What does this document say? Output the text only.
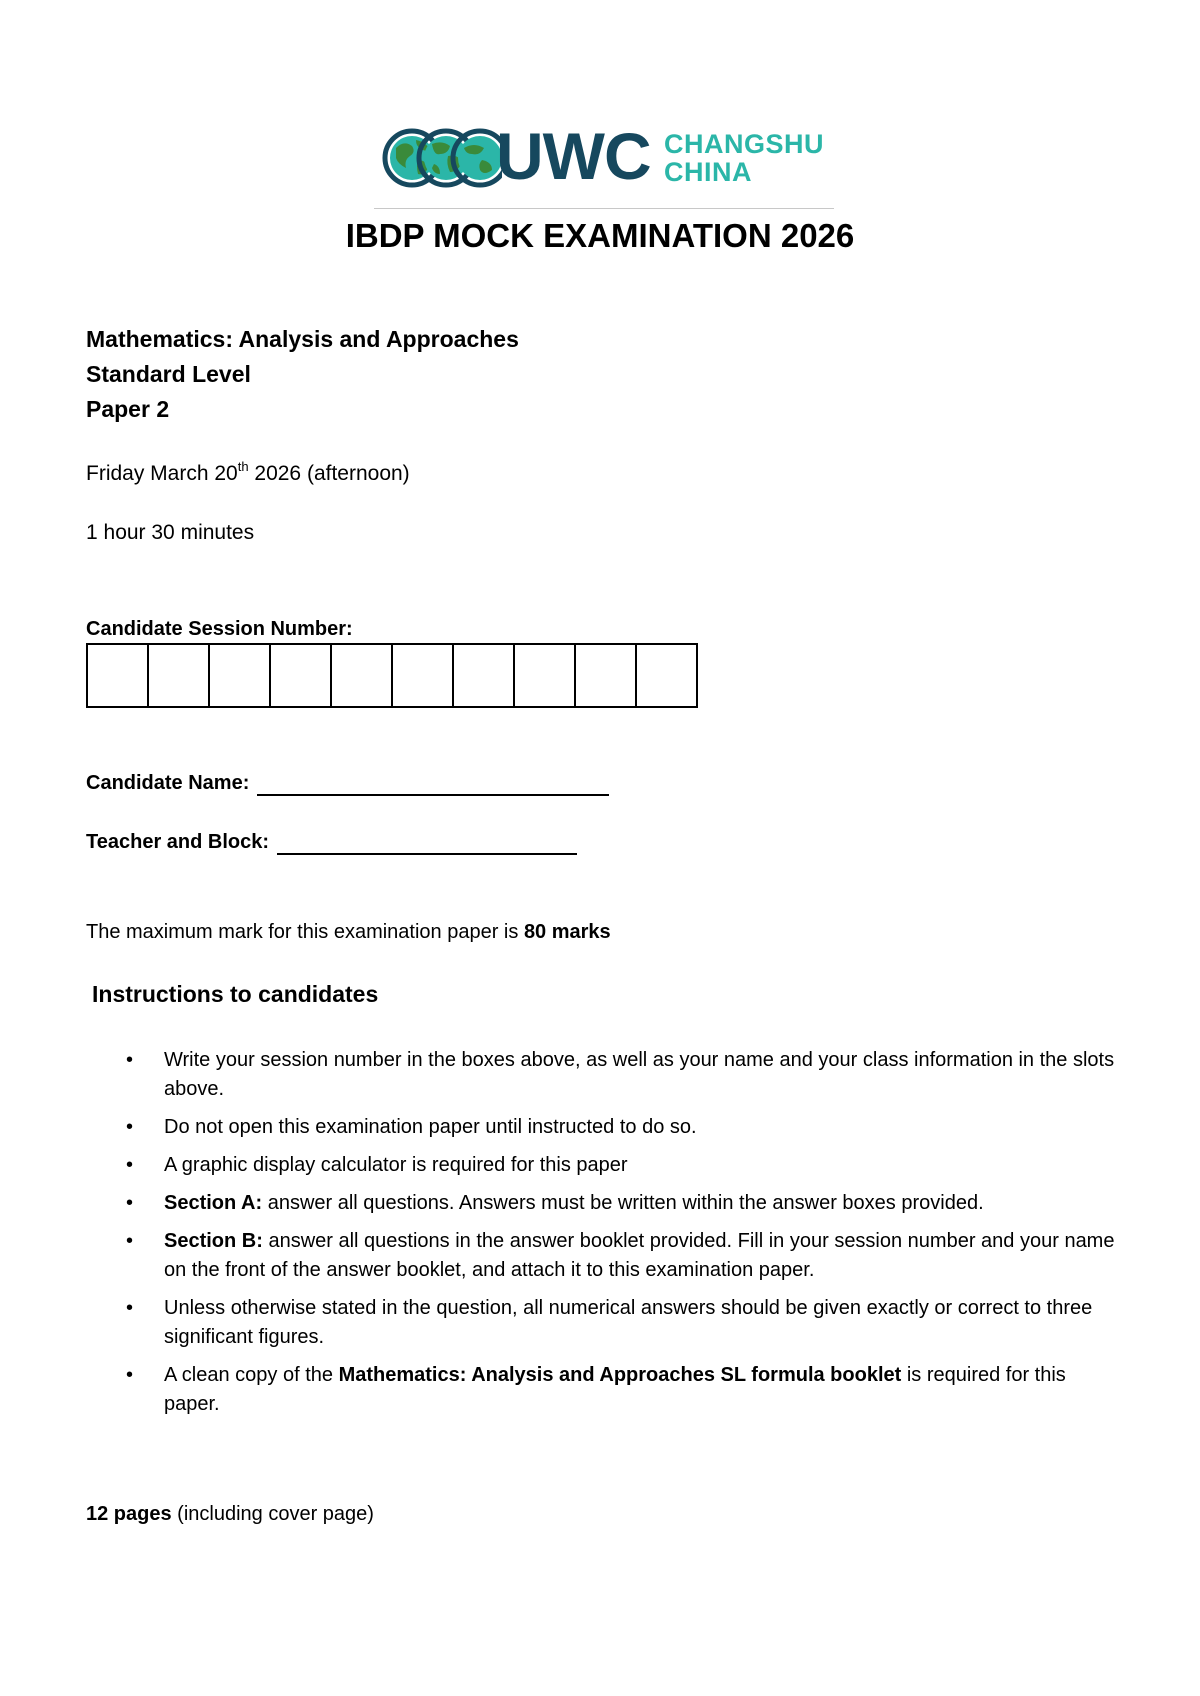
UWC CHANGSHU
CHINA
IBDP MOCK EXAMINATION 2026
Mathematics: Analysis and Approaches
Standard Level
Paper 2
Friday March 20th 2026 (afternoon)
1 hour 30 minutes
Candidate Session Number:
Candidate Name:
Teacher and Block:
The maximum mark for this examination paper is 80 marks
Instructions to candidates
•	Write your session number in the boxes above, as well as your name and your class information in the slots above.
•	Do not open this examination paper until instructed to do so.
•	A graphic display calculator is required for this paper
•	Section A: answer all questions. Answers must be written within the answer boxes provided.
•	Section B: answer all questions in the answer booklet provided. Fill in your session number and your name on the front of the answer booklet, and attach it to this examination paper.
•	Unless otherwise stated in the question, all numerical answers should be given exactly or correct to three significant figures.
•	A clean copy of the Mathematics: Analysis and Approaches SL formula booklet is required for this paper.
12 pages (including cover page)
